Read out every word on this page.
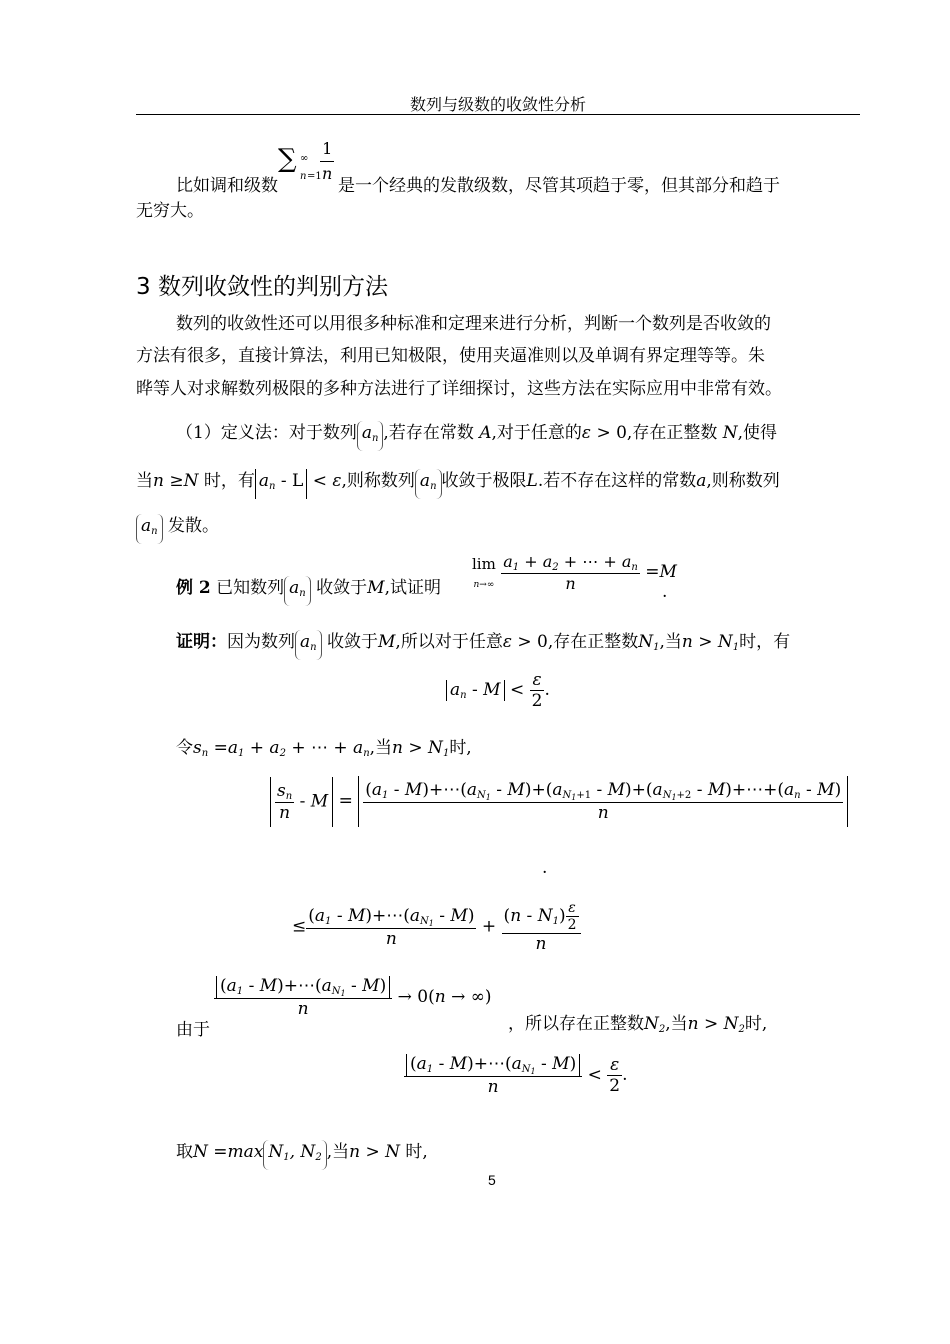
数列与级数的收敛性分析
比如调和级数
∑ ∞
n =1
$\frac{1}{n}$ 是一个经典的发散级数，尽管其项趋于零，但其部分和趋于
无穷大。
3 数列收敛性的判别方法
数列的收敛性还可以用很多种标准和定理来进行分析，判断一个数列是否收敛的
方法有很多，直接计算法，利用已知极限，使用夹逼准则以及单调有界定理等等。朱
晔等人对求解数列极限的多种方法进行了详细探讨，这些方法在实际应用中非常有效。
（1）定义法：对于数列 $a_n$ ,若存在常数 A,对于任意的ε > 0,存在正整数 N,使得
当n ≥N 时，有 $a_n - L < \varepsilon$,则称数列 $a_n$ 收敛于极限L.若不存在这样的常数a,则称数列
$a_n$ 发散。
例 2 已知数列 $a_n$ 收敛于M,试证明
lim
$n\to\infty \frac{a_1 + a_2 + \cdots + a_n}{n} =M$
.
证明：因为数列 $a_n$ 收敛于M,所以对于任意ε > 0,存在正整数$N_1$,当$n > N_1$时，有
$a_n - M < \frac{\varepsilon}{2}$ .
令$s_n =a_1 + a_2$ + ⋯ + $a_n$,当$n > N_1$时,
$\frac{s_n}{n} - M = \frac{(a_1 - M)+\cdots(a_{N_1} - M)+(a_{N_1+1} - M)+(a_{N_1+2} - M)+\cdots+(a_n - M)}{n}$
.
≤ $\frac{(a_1 - M)+\cdots(a_{N_1} - M)}{n} + \frac{(n - N_1) \frac{\varepsilon}{2}}{n}$
由于
$\frac{(a_1 - M)+\cdots(a_{N_1} - M)}{n} \to 0(n$ → ∞)
，所以存在正整数$N_2$,当$n > N_2$时,
$\frac{(a_1 - M)+\cdots(a_{N_1} - M)}{n} < \frac{\varepsilon}{2}$ .
取N =max $N_1$, $N_2$ ,当n > N 时,
5
